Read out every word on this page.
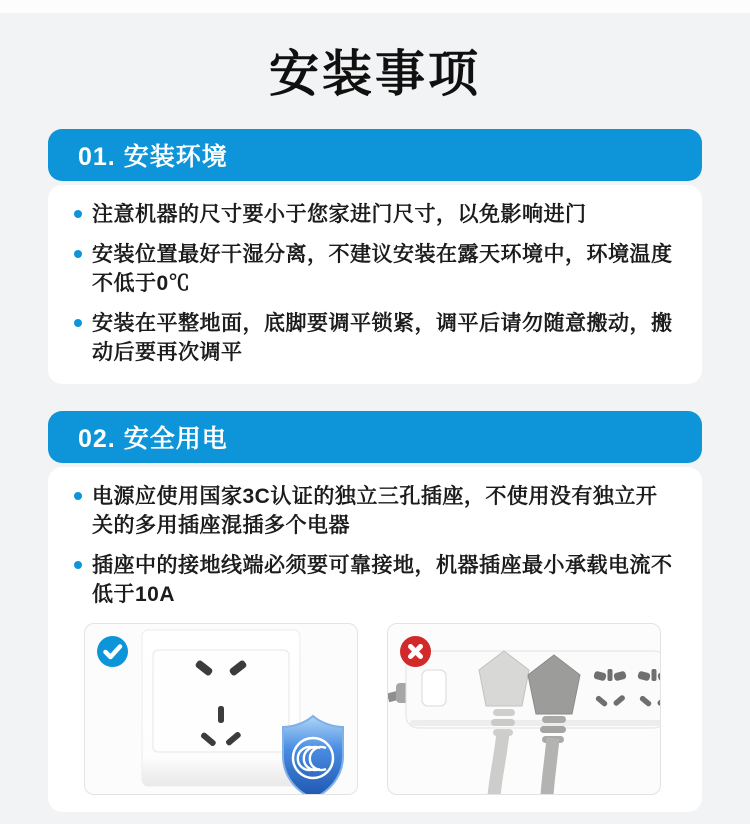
安装事项
01. 安装环境
注意机器的尺寸要小于您家进门尺寸，以免影响进门
安装位置最好干湿分离，不建议安装在露天环境中，环境温度不低于0℃
安装在平整地面，底脚要调平锁紧，调平后请勿随意搬动，搬动后要再次调平
02. 安全用电
电源应使用国家3C认证的独立三孔插座，不使用没有独立开关的多用插座混插多个电器
插座中的接地线端必须要可靠接地，机器插座最小承载电流不低于10A
